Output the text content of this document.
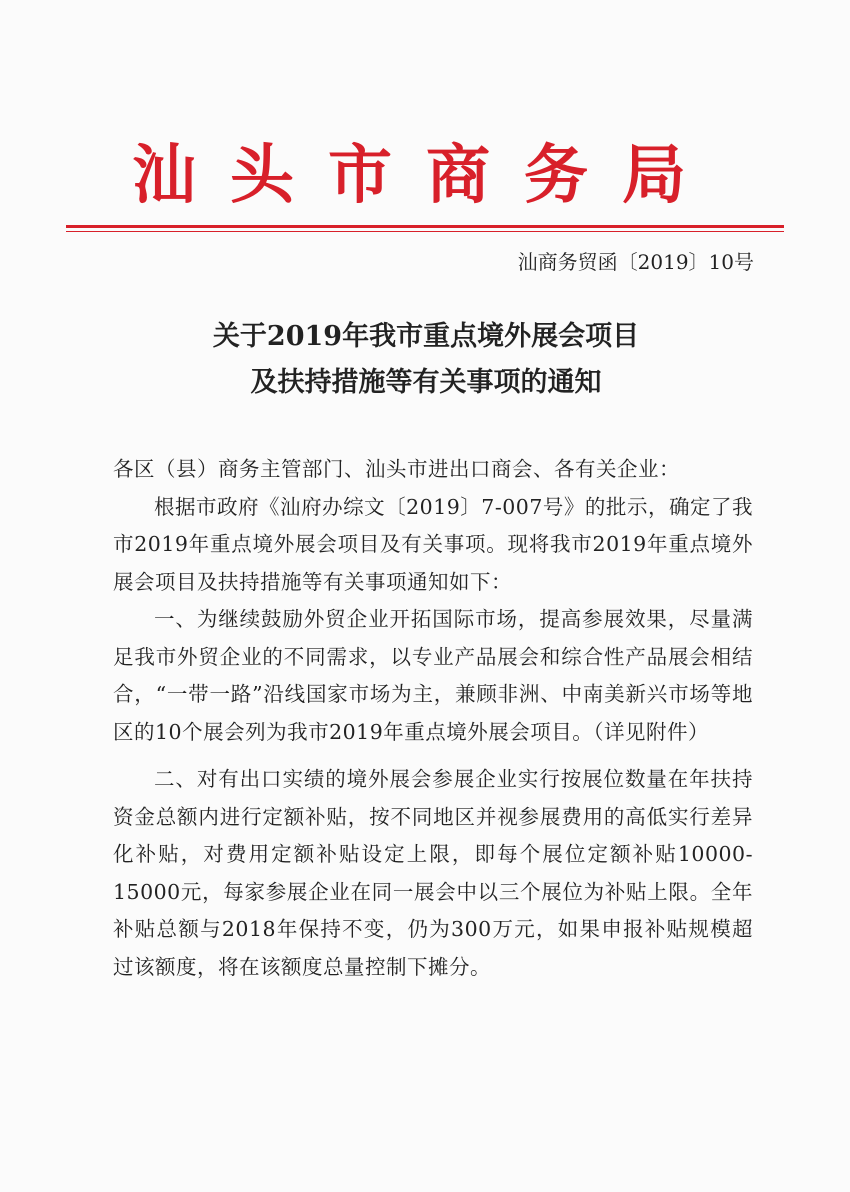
汕头市商务局
汕商务贸函〔2019〕10号
关于2019年我市重点境外展会项目
及扶持措施等有关事项的通知

各区（县）商务主管部门、汕头市进出口商会、各有关企业：

根据市政府《汕府办综文〔2019〕7-007号》的批示，确定了我市2019年重点境外展会项目及有关事项。现将我市2019年重点境外展会项目及扶持措施等有关事项通知如下：

一、为继续鼓励外贸企业开拓国际市场，提高参展效果，尽量满足我市外贸企业的不同需求，以专业产品展会和综合性产品展会相结合，“一带一路”沿线国家市场为主，兼顾非洲、中南美新兴市场等地区的10个展会列为我市2019年重点境外展会项目。（详见附件）

二、对有出口实绩的境外展会参展企业实行按展位数量在年扶持资金总额内进行定额补贴，按不同地区并视参展费用的高低实行差异化补贴，对费用定额补贴设定上限，即每个展位定额补贴10000-15000元，每家参展企业在同一展会中以三个展位为补贴上限。全年补贴总额与2018年保持不变，仍为300万元，如果申报补贴规模超过该额度，将在该额度总量控制下摊分。
